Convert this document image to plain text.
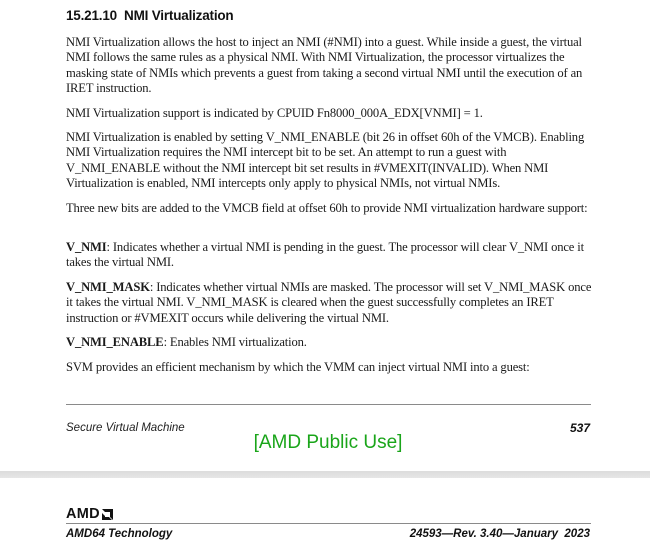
15.21.10  NMI Virtualization
NMI Virtualization allows the host to inject an NMI (#NMI) into a guest. While inside a guest, the virtual NMI follows the same rules as a physical NMI. With NMI Virtualization, the processor virtualizes the masking state of NMIs which prevents a guest from taking a second virtual NMI until the execution of an IRET instruction.
NMI Virtualization support is indicated by CPUID Fn8000_000A_EDX[VNMI] = 1.
NMI Virtualization is enabled by setting V_NMI_ENABLE (bit 26 in offset 60h of the VMCB). Enabling NMI Virtualization requires the NMI intercept bit to be set. An attempt to run a guest with V_NMI_ENABLE without the NMI intercept bit set results in #VMEXIT(INVALID). When NMI Virtualization is enabled, NMI intercepts only apply to physical NMIs, not virtual NMIs.
Three new bits are added to the VMCB field at offset 60h to provide NMI virtualization hardware support:
V_NMI: Indicates whether a virtual NMI is pending in the guest. The processor will clear V_NMI once it takes the virtual NMI.
V_NMI_MASK: Indicates whether virtual NMIs are masked. The processor will set V_NMI_MASK once it takes the virtual NMI. V_NMI_MASK is cleared when the guest successfully completes an IRET instruction or #VMEXIT occurs while delivering the virtual NMI.
V_NMI_ENABLE: Enables NMI virtualization.
SVM provides an efficient mechanism by which the VMM can inject virtual NMI into a guest:
Secure Virtual Machine	537
[AMD Public Use]
AMD
AMD64 Technology	24593—Rev. 3.40—January  2023
